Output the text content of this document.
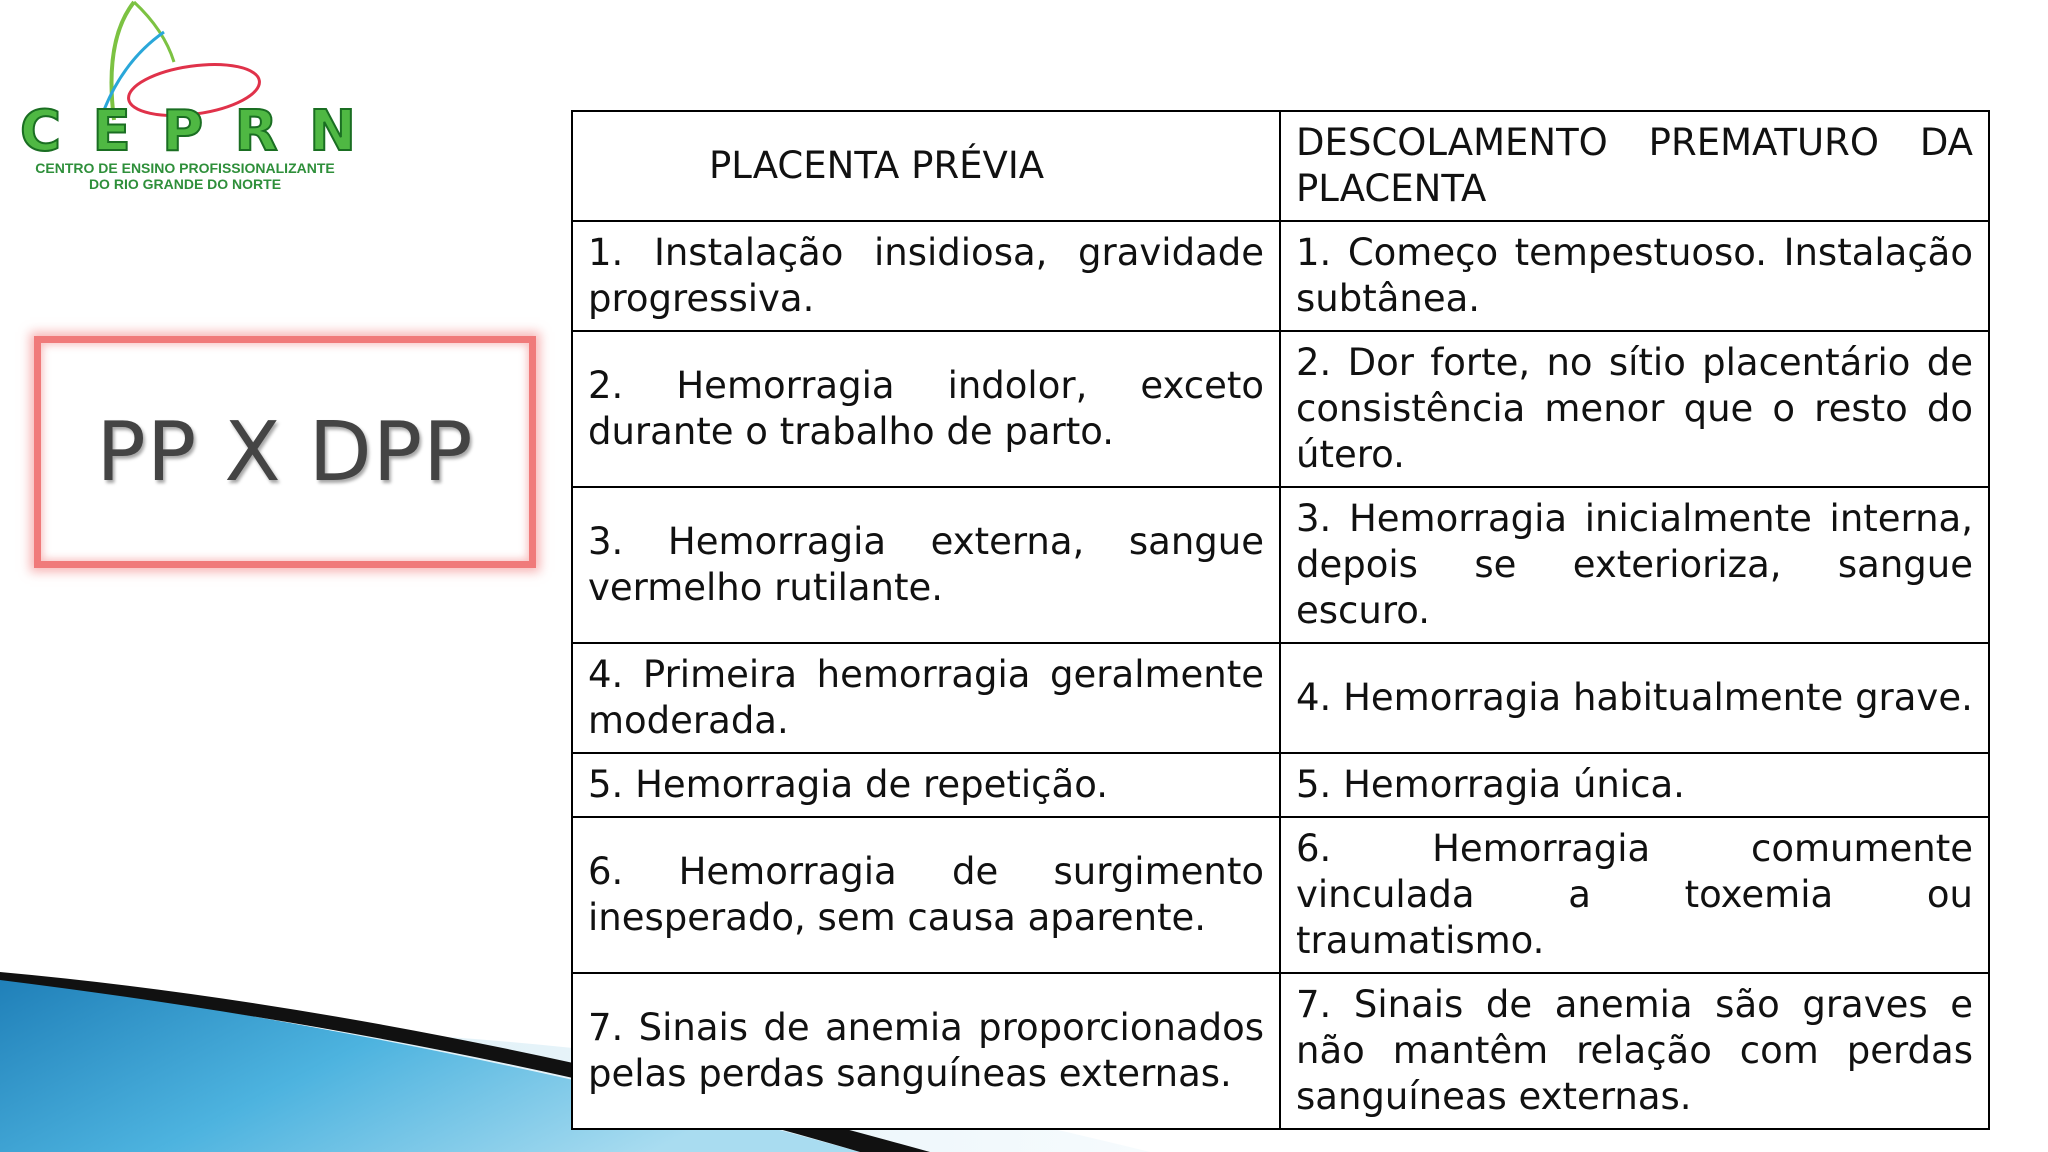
C E P R N
CENTRO DE ENSINO PROFISSIONALIZANTE
DO RIO GRANDE DO NORTE
PP X DPP
PLACENTA PRÉVIA	DESCOLAMENTO PREMATURO DA PLACENTA
1. Instalação insidiosa, gravidade progressiva.	1. Começo tempestuoso. Instalação subtânea.
2. Hemorragia indolor, exceto durante o trabalho de parto.	2. Dor forte, no sítio placentário de consistência menor que o resto do útero.
3. Hemorragia externa, sangue vermelho rutilante.	3. Hemorragia inicialmente interna, depois se exterioriza, sangue escuro.
4. Primeira hemorragia geralmente moderada.	4. Hemorragia habitualmente grave.
5. Hemorragia de repetição.	5. Hemorragia única.
6. Hemorragia de surgimento inesperado, sem causa aparente.	6. Hemorragia comumente vinculada a toxemia ou traumatismo.
7. Sinais de anemia proporcionados pelas perdas sanguíneas externas.	7. Sinais de anemia são graves e não mantêm relação com perdas sanguíneas externas.
